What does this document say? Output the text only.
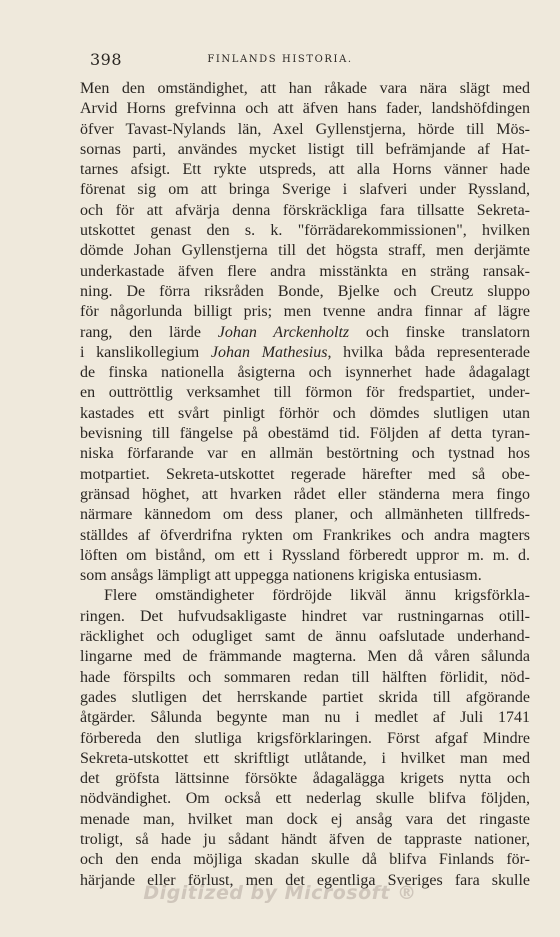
398	FINLANDS HISTORIA.
Men den omständighet, att han råkade vara nära slägt med
Arvid Horns grefvinna och att äfven hans fader, landshöfdingen
öfver Tavast-Nylands län, Axel Gyllenstjerna, hörde till Mös-
sornas parti, användes mycket listigt till befrämjande af Hat-
tarnes afsigt. Ett rykte utspreds, att alla Horns vänner hade
förenat sig om att bringa Sverige i slafveri under Ryssland,
och för att afvärja denna förskräckliga fara tillsatte Sekreta-
utskottet genast den s. k. "förrädarekommissionen", hvilken
dömde Johan Gyllenstjerna till det högsta straff, men derjämte
underkastade äfven flere andra misstänkta en sträng ransak-
ning. De förra riksråden Bonde, Bjelke och Creutz sluppo
för någorlunda billigt pris; men tvenne andra finnar af lägre
rang, den lärde Johan Arckenholtz och finske translatorn
i kanslikollegium Johan Mathesius, hvilka båda representerade
de finska nationella åsigterna och isynnerhet hade ådagalagt
en outtröttlig verksamhet till förmon för fredspartiet, under-
kastades ett svårt pinligt förhör och dömdes slutligen utan
bevisning till fängelse på obestämd tid. Följden af detta tyran-
niska förfarande var en allmän bestörtning och tystnad hos
motpartiet. Sekreta-utskottet regerade härefter med så obe-
gränsad höghet, att hvarken rådet eller ständerna mera fingo
närmare kännedom om dess planer, och allmänheten tillfreds-
ställdes af öfverdrifna rykten om Frankrikes och andra magters
löften om bistånd, om ett i Ryssland förberedt uppror m. m. d.
som ansågs lämpligt att uppegga nationens krigiska entusiasm.
Flere omständigheter fördröjde likväl ännu krigsförkla-
ringen. Det hufvudsakligaste hindret var rustningarnas otill-
räcklighet och odugliget samt de ännu oafslutade underhand-
lingarne med de främmande magterna. Men då våren sålunda
hade förspilts och sommaren redan till hälften förlidit, nöd-
gades slutligen det herrskande partiet skrida till afgörande
åtgärder. Sålunda begynte man nu i medlet af Juli 1741
förbereda den slutliga krigsförklaringen. Först afgaf Mindre
Sekreta-utskottet ett skriftligt utlåtande, i hvilket man med
det gröfsta lättsinne försökte ådagalägga krigets nytta och
nödvändighet. Om också ett nederlag skulle blifva följden,
menade man, hvilket man dock ej ansåg vara det ringaste
troligt, så hade ju sådant händt äfven de tappraste nationer,
och den enda möjliga skadan skulle då blifva Finlands för-
härjande eller förlust, men det egentliga Sveriges fara skulle
Digitized by Microsoft ®
